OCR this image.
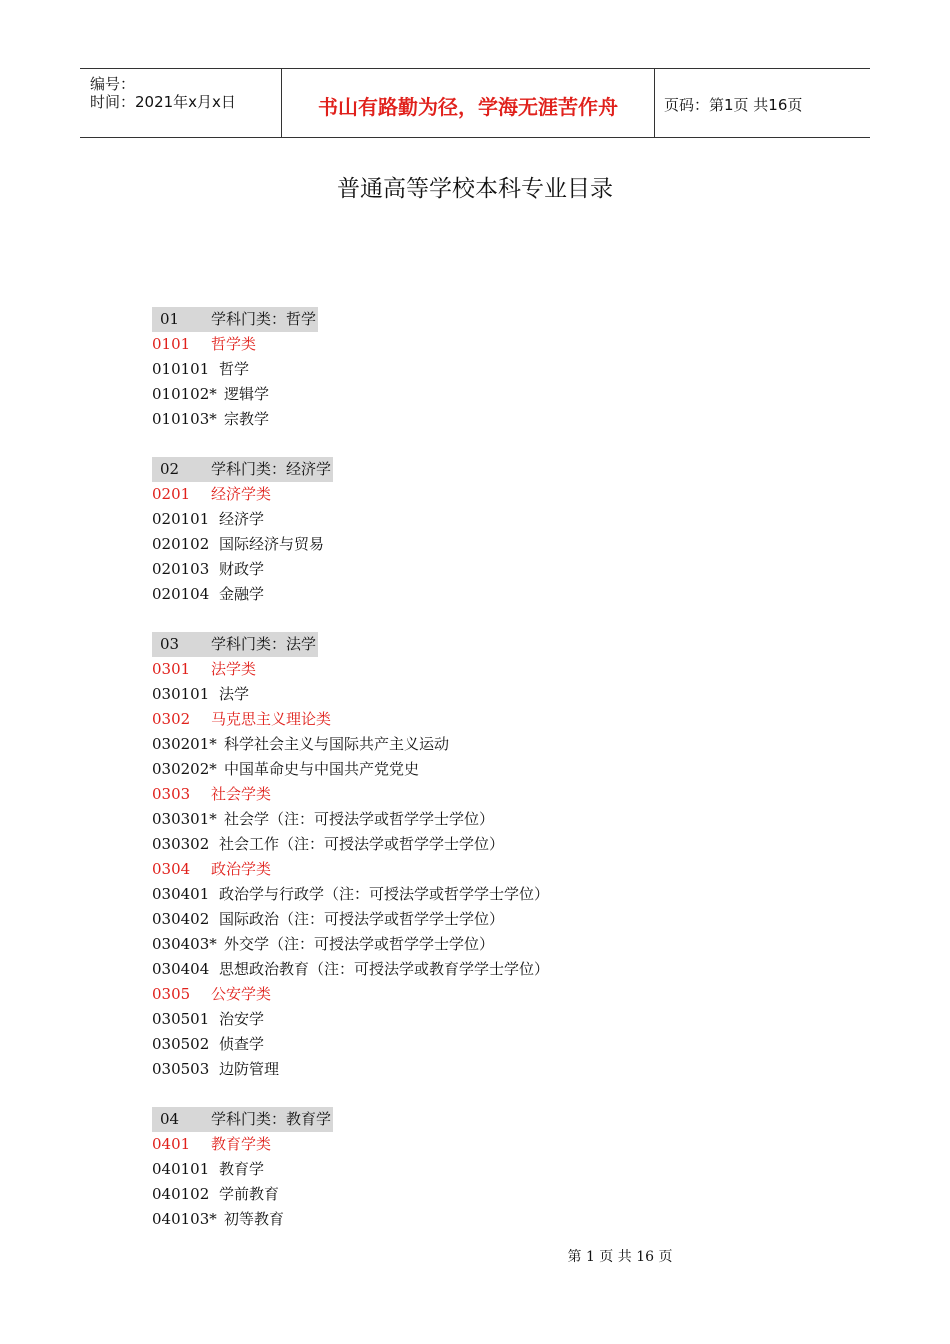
编号：
时间：2021年x月x日	书山有路勤为径，学海无涯苦作舟	页码：第1页 共16页
普通高等学校本科专业目录
01 学科门类：哲学
0101 哲学类
010101 哲学
010102* 逻辑学
010103* 宗教学
02 学科门类：经济学
0201 经济学类
020101 经济学
020102 国际经济与贸易
020103 财政学
020104 金融学
03 学科门类：法学
0301 法学类
030101 法学
0302 马克思主义理论类
030201* 科学社会主义与国际共产主义运动
030202* 中国革命史与中国共产党党史
0303 社会学类
030301* 社会学（注：可授法学或哲学学士学位）
030302 社会工作（注：可授法学或哲学学士学位）
0304 政治学类
030401 政治学与行政学（注：可授法学或哲学学士学位）
030402 国际政治（注：可授法学或哲学学士学位）
030403* 外交学（注：可授法学或哲学学士学位）
030404 思想政治教育（注：可授法学或教育学学士学位）
0305 公安学类
030501 治安学
030502 侦查学
030503 边防管理
04 学科门类：教育学
0401 教育学类
040101 教育学
040102 学前教育
040103* 初等教育
第 1 页 共 16 页
